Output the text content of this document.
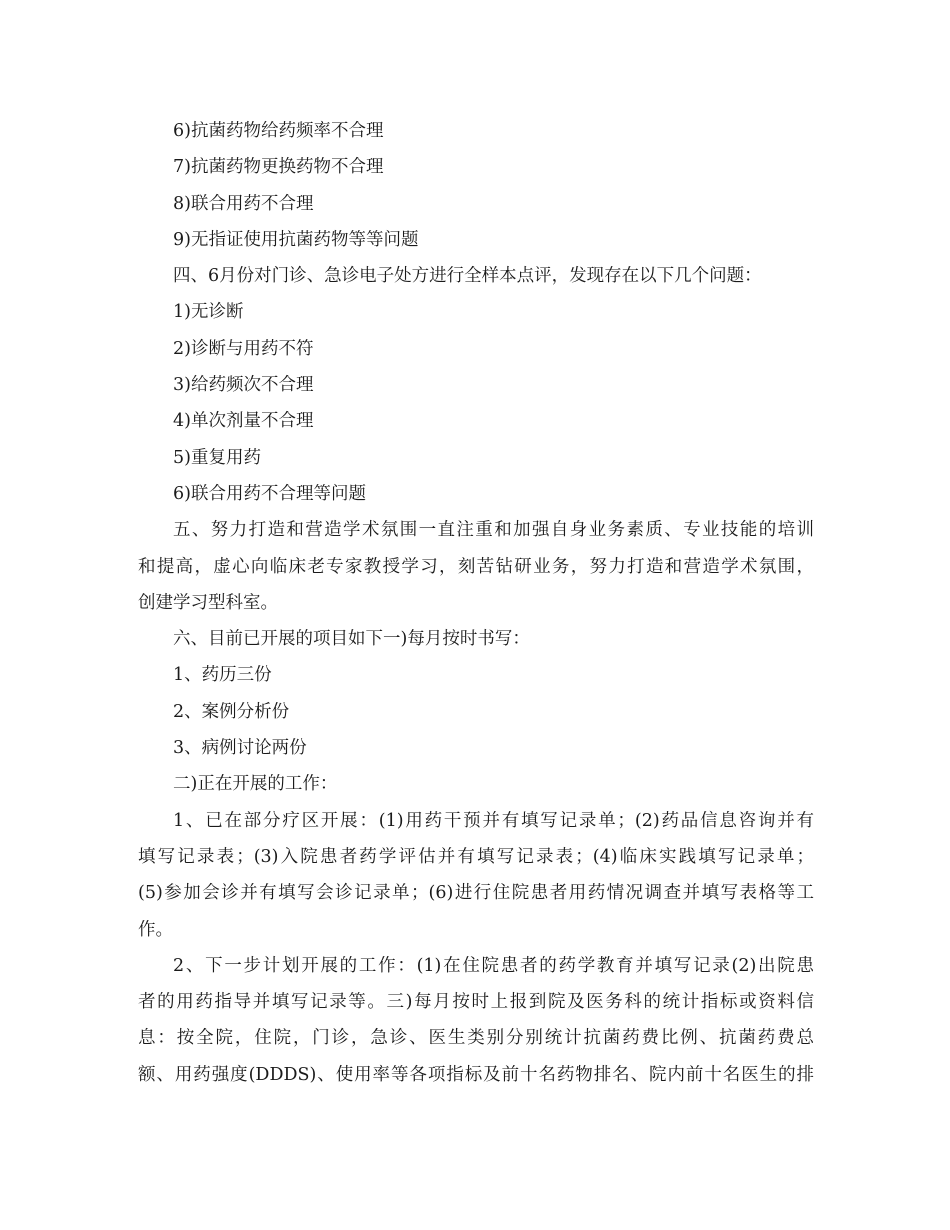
6)抗菌药物给药频率不合理
7)抗菌药物更换药物不合理
8)联合用药不合理
9)无指证使用抗菌药物等等问题
四、6月份对门诊、急诊电子处方进行全样本点评，发现存在以下几个问题：
1)无诊断
2)诊断与用药不符
3)给药频次不合理
4)单次剂量不合理
5)重复用药
6)联合用药不合理等问题
五、努力打造和营造学术氛围一直注重和加强自身业务素质、专业技能的培训
和提高，虚心向临床老专家教授学习，刻苦钻研业务，努力打造和营造学术氛围，
创建学习型科室。
六、目前已开展的项目如下一)每月按时书写：
1、药历三份
2、案例分析份
3、病例讨论两份
二)正在开展的工作：
1、已在部分疗区开展：(1)用药干预并有填写记录单；(2)药品信息咨询并有
填写记录表；(3)入院患者药学评估并有填写记录表；(4)临床实践填写记录单；
(5)参加会诊并有填写会诊记录单；(6)进行住院患者用药情况调查并填写表格等工
作。
2、下一步计划开展的工作：(1)在住院患者的药学教育并填写记录(2)出院患
者的用药指导并填写记录等。三)每月按时上报到院及医务科的统计指标或资料信
息：按全院，住院，门诊，急诊、医生类别分别统计抗菌药费比例、抗菌药费总
额、用药强度(DDDS)、使用率等各项指标及前十名药物排名、院内前十名医生的排
